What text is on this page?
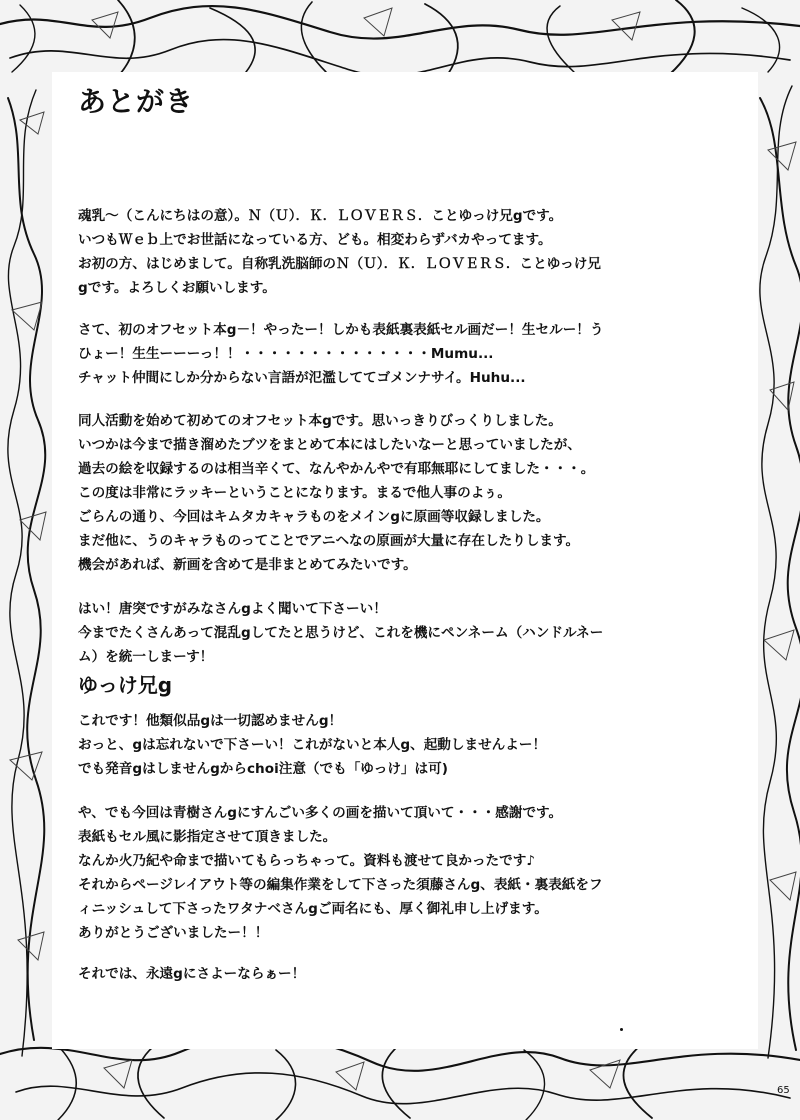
あとがき
魂乳～（こんにちはの意）。Ｎ（Ｕ）．Ｋ．ＬＯＶＥＲＳ．ことゆっけ兄gです。
いつもＷｅｂ上でお世話になっている方、ども。相変わらずバカやってます。
お初の方、はじめまして。自称乳洗脳師のＮ（Ｕ）．Ｋ．ＬＯＶＥＲＳ．ことゆっけ兄
gです。よろしくお願いします。
さて、初のオフセット本g－！やったー！しかも表紙裏表紙セル画だー！生セルー！う
ひょー！生生ーーーっ！！・・・・・・・・・・・・・・Mumu...
チャット仲間にしか分からない言語が氾濫しててゴメンナサイ。Huhu...
同人活動を始めて初めてのオフセット本gです。思いっきりびっくりしました。
いつかは今まで描き溜めたブツをまとめて本にはしたいなーと思っていましたが、
過去の絵を収録するのは相当辛くて、なんやかんやで有耶無耶にしてました・・・。
この度は非常にラッキーということになります。まるで他人事のよぅ。
ごらんの通り、今回はキムタカキャラものをメインgに原画等収録しました。
まだ他に、うのキャラものってことでアニヘなの原画が大量に存在したりします。
機会があれば、新画を含めて是非まとめてみたいです。
はい！唐突ですがみなさんgよく聞いて下さーい！
今までたくさんあって混乱gしてたと思うけど、これを機にペンネーム（ハンドルネー
ム）を統一しまーす！
ゆっけ兄g
これです！他類似品gは一切認めませんg！
おっと、gは忘れないで下さーい！これがないと本人g、起動しませんよー！
でも発音gはしませんgからchoi注意（でも「ゆっけ」は可)
や、でも今回は青樹さんgにすんごい多くの画を描いて頂いて・・・感謝です。
表紙もセル風に影指定させて頂きました。
なんか火乃紀や命まで描いてもらっちゃって。資料も渡せて良かったです♪
それからページレイアウト等の編集作業をして下さった須藤さんg、表紙・裏表紙をフ
ィニッシュして下さったワタナベさんgご両名にも、厚く御礼申し上げます。
ありがとうございましたー！！
それでは、永遠gにさよーならぁー！
65
